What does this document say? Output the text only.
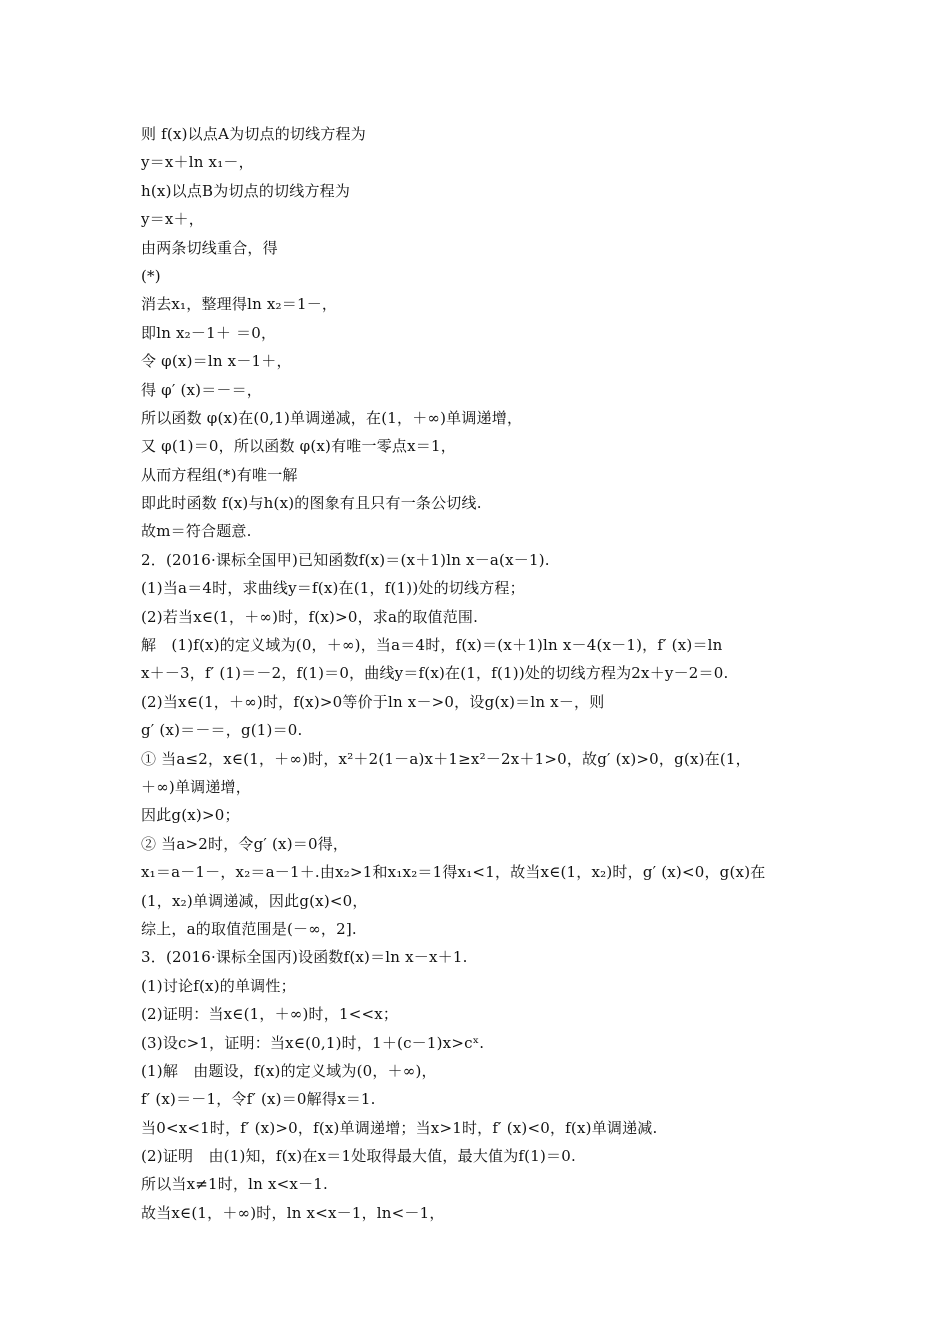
则 f(x)以点A为切点的切线方程为
y＝x＋ln x₁－，
h(x)以点B为切点的切线方程为
y＝x＋，
由两条切线重合，得
(*)
消去x₁，整理得ln x₂＝1－，
即ln x₂－1＋ ＝0，
令 φ(x)＝ln x－1＋，
得 φ′ (x)＝－＝，
所以函数 φ(x)在(0,1)单调递减，在(1，＋∞)单调递增，
又 φ(1)＝0，所以函数 φ(x)有唯一零点x＝1，
从而方程组(*)有唯一解
即此时函数 f(x)与h(x)的图象有且只有一条公切线.
故m＝符合题意.
2．(2016·课标全国甲)已知函数f(x)＝(x＋1)ln x－a(x－1).
(1)当a＝4时，求曲线y＝f(x)在(1，f(1))处的切线方程；
(2)若当x∈(1，＋∞)时，f(x)>0，求a的取值范围.
解　(1)f(x)的定义域为(0，＋∞)，当a＝4时，f(x)＝(x＋1)ln x－4(x－1)，f′ (x)＝ln
x＋－3，f′ (1)＝－2，f(1)＝0，曲线y＝f(x)在(1，f(1))处的切线方程为2x＋y－2＝0.
(2)当x∈(1，＋∞)时，f(x)>0等价于ln x－>0，设g(x)＝ln x－，则
g′ (x)＝－＝，g(1)＝0.
① 当a≤2，x∈(1，＋∞)时，x²＋2(1－a)x＋1≥x²－2x＋1>0，故g′ (x)>0，g(x)在(1，
＋∞)单调递增，
因此g(x)>0；
② 当a>2时，令g′ (x)＝0得，
x₁＝a－1－，x₂＝a－1＋.由x₂>1和x₁x₂＝1得x₁<1，故当x∈(1，x₂)时，g′ (x)<0，g(x)在
(1，x₂)单调递减，因此g(x)<0，
综上，a的取值范围是(－∞，2].
3．(2016·课标全国丙)设函数f(x)＝ln x－x＋1.
(1)讨论f(x)的单调性；
(2)证明：当x∈(1，＋∞)时，1<<x；
(3)设c>1，证明：当x∈(0,1)时，1＋(c－1)x>cˣ.
(1)解　由题设，f(x)的定义域为(0，＋∞)，
f′ (x)＝－1，令f′ (x)＝0解得x＝1.
当0<x<1时，f′ (x)>0，f(x)单调递增；当x>1时，f′ (x)<0，f(x)单调递减.
(2)证明　由(1)知，f(x)在x＝1处取得最大值，最大值为f(1)＝0.
所以当x≠1时，ln x<x－1.
故当x∈(1，＋∞)时，ln x<x－1，ln<－1，
